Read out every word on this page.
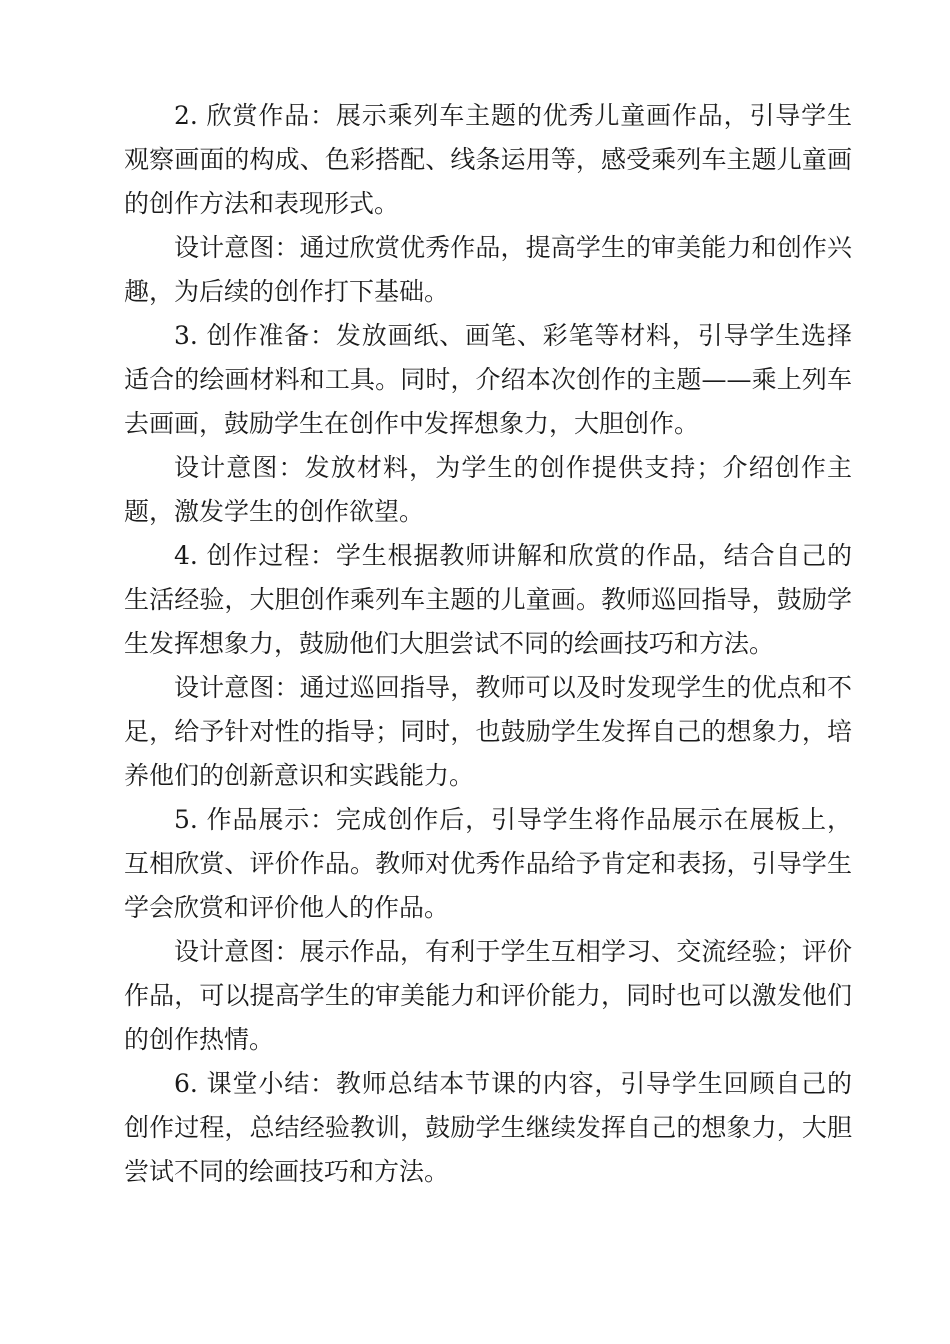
2. 欣赏作品：展示乘列车主题的优秀儿童画作品，引导学生观察画面的构成、色彩搭配、线条运用等，感受乘列车主题儿童画的创作方法和表现形式。

设计意图：通过欣赏优秀作品，提高学生的审美能力和创作兴趣，为后续的创作打下基础。

3. 创作准备：发放画纸、画笔、彩笔等材料，引导学生选择适合的绘画材料和工具。同时，介绍本次创作的主题——乘上列车去画画，鼓励学生在创作中发挥想象力，大胆创作。

设计意图：发放材料，为学生的创作提供支持；介绍创作主题，激发学生的创作欲望。

4. 创作过程：学生根据教师讲解和欣赏的作品，结合自己的生活经验，大胆创作乘列车主题的儿童画。教师巡回指导，鼓励学生发挥想象力，鼓励他们大胆尝试不同的绘画技巧和方法。

设计意图：通过巡回指导，教师可以及时发现学生的优点和不足，给予针对性的指导；同时，也鼓励学生发挥自己的想象力，培养他们的创新意识和实践能力。

5. 作品展示：完成创作后，引导学生将作品展示在展板上，互相欣赏、评价作品。教师对优秀作品给予肯定和表扬，引导学生学会欣赏和评价他人的作品。

设计意图：展示作品，有利于学生互相学习、交流经验；评价作品，可以提高学生的审美能力和评价能力，同时也可以激发他们的创作热情。

6. 课堂小结：教师总结本节课的内容，引导学生回顾自己的创作过程，总结经验教训，鼓励学生继续发挥自己的想象力，大胆尝试不同的绘画技巧和方法。
